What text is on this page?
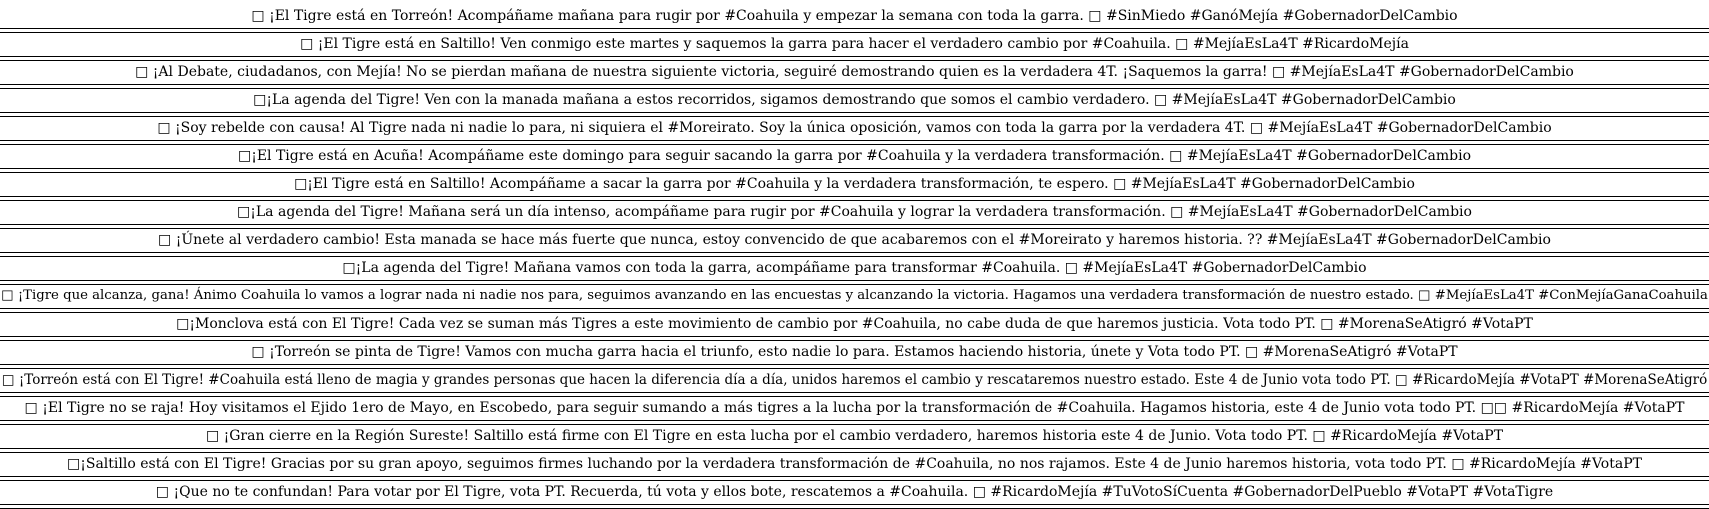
□ ¡El Tigre está en Torreón! Acompáñame mañana para rugir por #Coahuila y empezar la semana con toda la garra. □ #SinMiedo #GanóMejía #GobernadorDelCambio
□ ¡El Tigre está en Saltillo! Ven conmigo este martes y saquemos la garra para hacer el verdadero cambio por #Coahuila. □ #MejíaEsLa4T #RicardoMejía
□ ¡Al Debate, ciudadanos, con Mejía! No se pierdan mañana de nuestra siguiente victoria, seguiré demostrando quien es la verdadera 4T. ¡Saquemos la garra! □ #MejíaEsLa4T #GobernadorDelCambio
□¡La agenda del Tigre! Ven con la manada mañana a estos recorridos, sigamos demostrando que somos el cambio verdadero. □ #MejíaEsLa4T #GobernadorDelCambio
□ ¡Soy rebelde con causa! Al Tigre nada ni nadie lo para, ni siquiera el #Moreirato. Soy la única oposición, vamos con toda la garra por la verdadera 4T. □ #MejíaEsLa4T #GobernadorDelCambio
□¡El Tigre está en Acuña! Acompáñame este domingo para seguir sacando la garra por #Coahuila y la verdadera transformación. □ #MejíaEsLa4T #GobernadorDelCambio
□¡El Tigre está en Saltillo! Acompáñame a sacar la garra por #Coahuila y la verdadera transformación, te espero. □ #MejíaEsLa4T #GobernadorDelCambio
□¡La agenda del Tigre! Mañana será un día intenso, acompáñame para rugir por #Coahuila y lograr la verdadera transformación. □ #MejíaEsLa4T #GobernadorDelCambio
□ ¡Únete al verdadero cambio! Esta manada se hace más fuerte que nunca, estoy convencido de que acabaremos con el #Moreirato y haremos historia. ?? #MejíaEsLa4T #GobernadorDelCambio
□¡La agenda del Tigre! Mañana vamos con toda la garra, acompáñame para transformar #Coahuila. □ #MejíaEsLa4T #GobernadorDelCambio
□ ¡Tigre que alcanza, gana! Ánimo Coahuila lo vamos a lograr nada ni nadie nos para, seguimos avanzando en las encuestas y alcanzando la victoria. Hagamos una verdadera transformación de nuestro estado. □ #MejíaEsLa4T #ConMejíaGanaCoahuila
□¡Monclova está con El Tigre! Cada vez se suman más Tigres a este movimiento de cambio por #Coahuila, no cabe duda de que haremos justicia. Vota todo PT. □ #MorenaSeAtigró #VotaPT
□ ¡Torreón se pinta de Tigre! Vamos con mucha garra hacia el triunfo, esto nadie lo para. Estamos haciendo historia, únete y Vota todo PT. □ #MorenaSeAtigró #VotaPT
□ ¡Torreón está con El Tigre! #Coahuila está lleno de magia y grandes personas que hacen la diferencia día a día, unidos haremos el cambio y rescataremos nuestro estado. Este 4 de Junio vota todo PT. □ #RicardoMejía #VotaPT #MorenaSeAtigró
□ ¡El Tigre no se raja! Hoy visitamos el Ejido 1ero de Mayo, en Escobedo, para seguir sumando a más tigres a la lucha por la transformación de #Coahuila. Hagamos historia, este 4 de Junio vota todo PT. □□ #RicardoMejía #VotaPT
□ ¡Gran cierre en la Región Sureste! Saltillo está firme con El Tigre en esta lucha por el cambio verdadero, haremos historia este 4 de Junio. Vota todo PT. □ #RicardoMejía #VotaPT
□¡Saltillo está con El Tigre! Gracias por su gran apoyo, seguimos firmes luchando por la verdadera transformación de #Coahuila, no nos rajamos. Este 4 de Junio haremos historia, vota todo PT. □ #RicardoMejía #VotaPT
□ ¡Que no te confundan! Para votar por El Tigre, vota PT. Recuerda, tú vota y ellos bote, rescatemos a #Coahuila. □ #RicardoMejía #TuVotoSíCuenta #GobernadorDelPueblo #VotaPT #VotaTigre
